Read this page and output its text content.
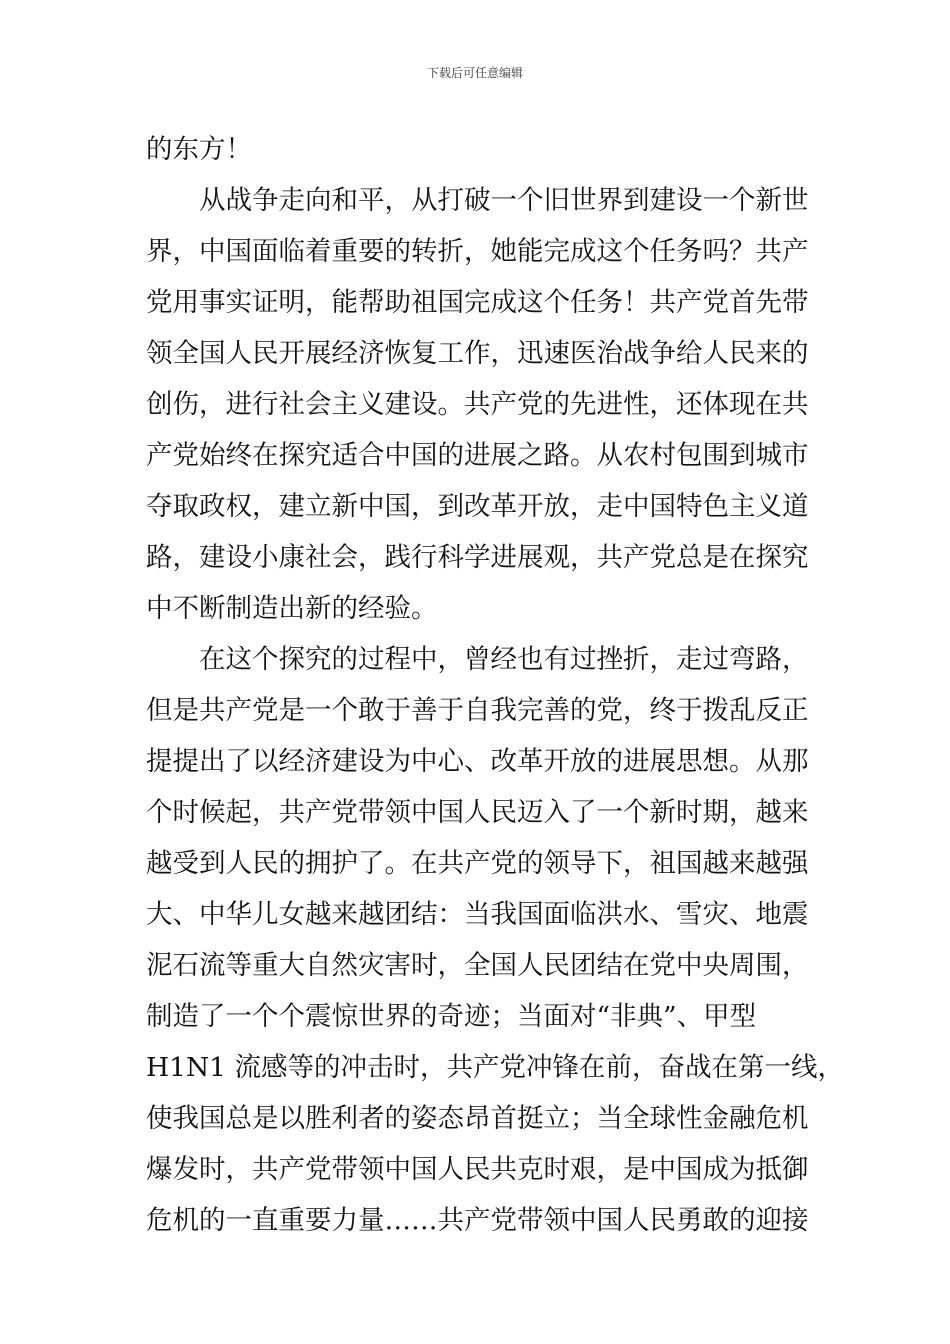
下载后可任意编辑
的东方！
从战争走向和平，从打破一个旧世界到建设一个新世
界，中国面临着重要的转折，她能完成这个任务吗？共产
党用事实证明，能帮助祖国完成这个任务！共产党首先带
领全国人民开展经济恢复工作，迅速医治战争给人民来的
创伤，进行社会主义建设。共产党的先进性，还体现在共
产党始终在探究适合中国的进展之路。从农村包围到城市
夺取政权，建立新中国，到改革开放，走中国特色主义道
路，建设小康社会，践行科学进展观，共产党总是在探究
中不断制造出新的经验。
在这个探究的过程中，曾经也有过挫折，走过弯路，
但是共产党是一个敢于善于自我完善的党，终于拨乱反正
提提出了以经济建设为中心、改革开放的进展思想。从那
个时候起，共产党带领中国人民迈入了一个新时期，越来
越受到人民的拥护了。在共产党的领导下，祖国越来越强
大、中华儿女越来越团结：当我国面临洪水、雪灾、地震
泥石流等重大自然灾害时，全国人民团结在党中央周围，
制造了一个个震惊世界的奇迹；当面对“非典”、甲型
H1N1 流感等的冲击时，共产党冲锋在前，奋战在第一线，
使我国总是以胜利者的姿态昂首挺立；当全球性金融危机
爆发时，共产党带领中国人民共克时艰，是中国成为抵御
危机的一直重要力量……共产党带领中国人民勇敢的迎接
